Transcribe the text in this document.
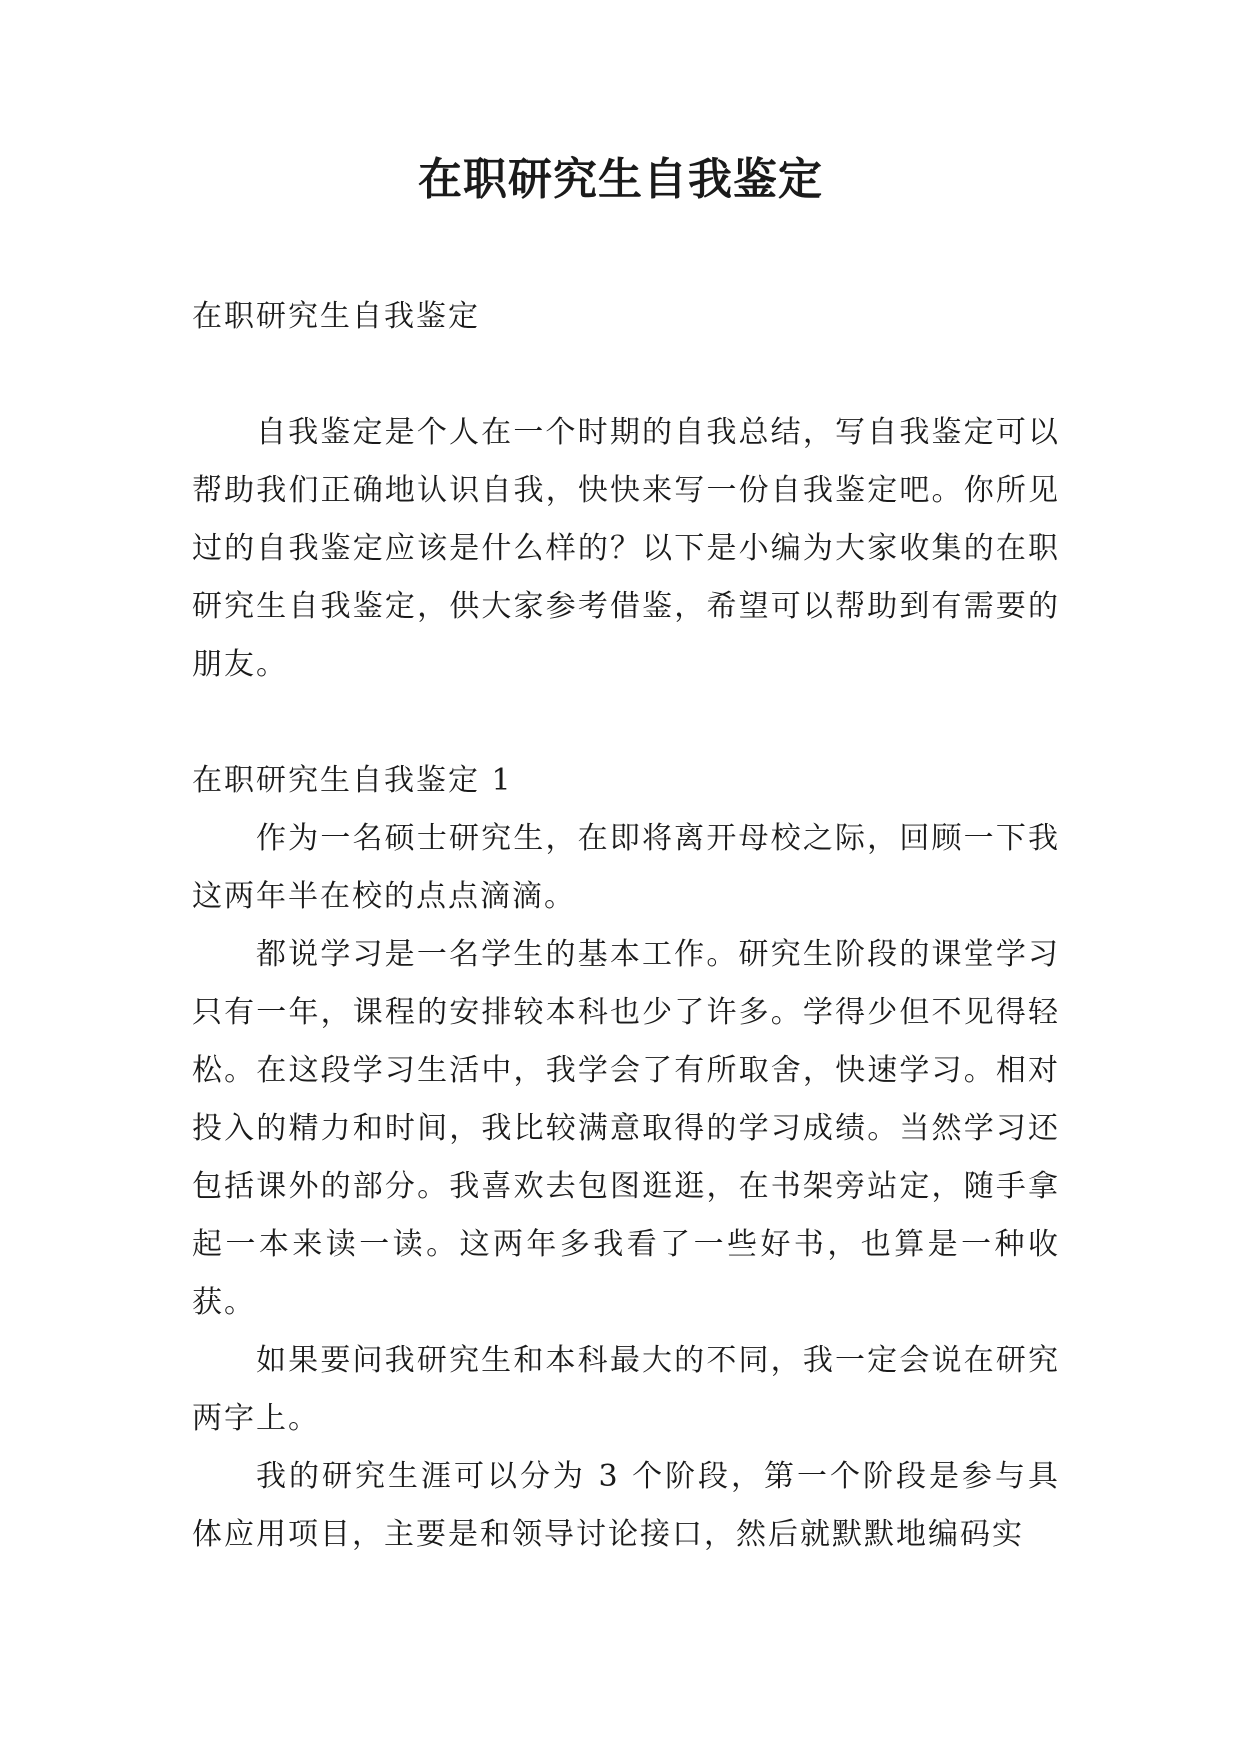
在职研究生自我鉴定

在职研究生自我鉴定

自我鉴定是个人在一个时期的自我总结，写自我鉴定可以帮助我们正确地认识自我，快快来写一份自我鉴定吧。你所见过的自我鉴定应该是什么样的？以下是小编为大家收集的在职研究生自我鉴定，供大家参考借鉴，希望可以帮助到有需要的朋友。

在职研究生自我鉴定 1

作为一名硕士研究生，在即将离开母校之际，回顾一下我这两年半在校的点点滴滴。

都说学习是一名学生的基本工作。研究生阶段的课堂学习只有一年，课程的安排较本科也少了许多。学得少但不见得轻松。在这段学习生活中，我学会了有所取舍，快速学习。相对投入的精力和时间，我比较满意取得的学习成绩。当然学习还包括课外的部分。我喜欢去包图逛逛，在书架旁站定，随手拿起一本来读一读。这两年多我看了一些好书，也算是一种收获。

如果要问我研究生和本科最大的不同，我一定会说在研究两字上。

我的研究生涯可以分为 3 个阶段，第一个阶段是参与具体应用项目，主要是和领导讨论接口，然后就默默地编码实
